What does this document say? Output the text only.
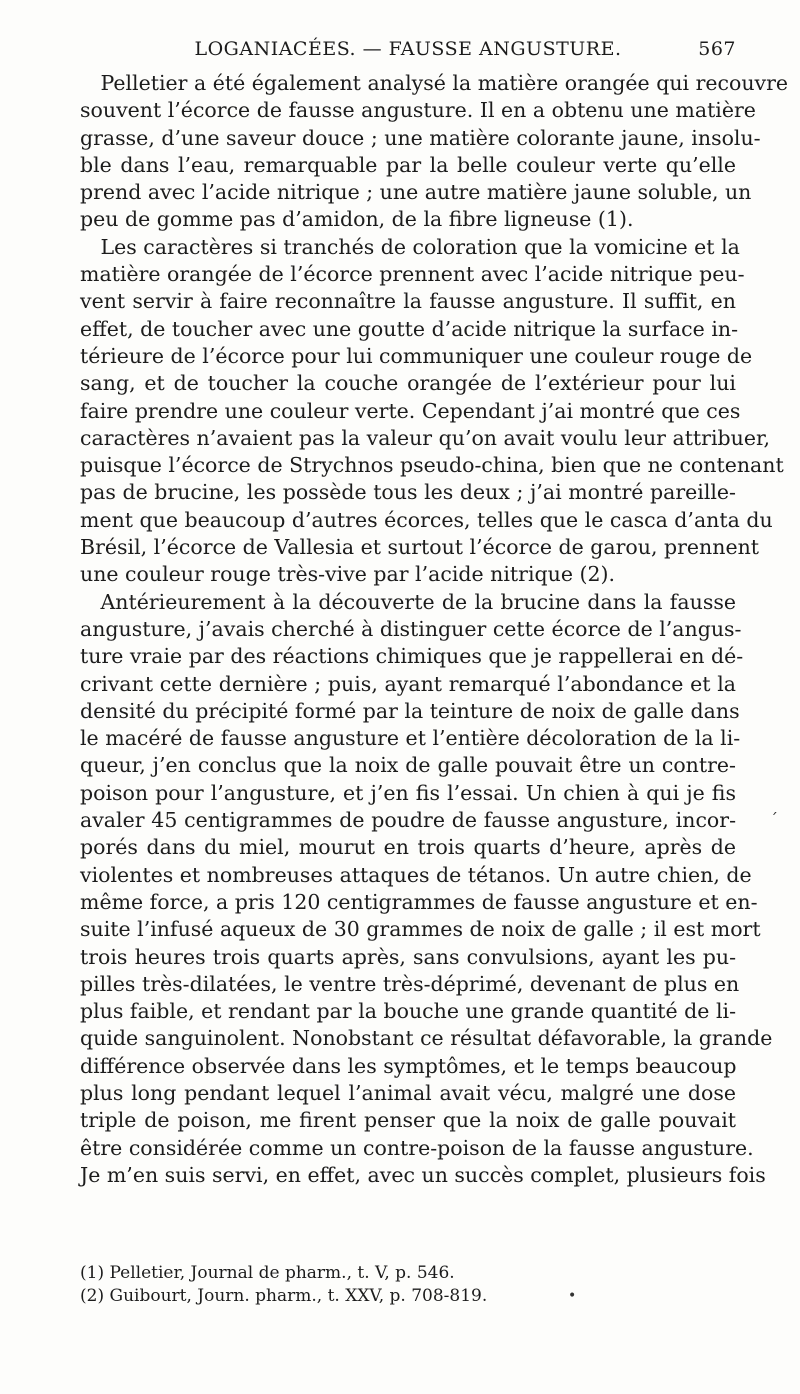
LOGANIACÉES. — FAUSSE ANGUSTURE.	567
Pelletier a été également analysé la matière orangée qui recouvre
souvent l’écorce de fausse angusture. Il en a obtenu une matière
grasse, d’une saveur douce ; une matière colorante jaune, insolu-
ble dans l’eau, remarquable par la belle couleur verte qu’elle
prend avec l’acide nitrique ; une autre matière jaune soluble, un
peu de gomme pas d’amidon, de la fibre ligneuse (1).
Les caractères si tranchés de coloration que la vomicine et la
matière orangée de l’écorce prennent avec l’acide nitrique peu-
vent servir à faire reconnaître la fausse angusture. Il suffit, en
effet, de toucher avec une goutte d’acide nitrique la surface in-
térieure de l’écorce pour lui communiquer une couleur rouge de
sang, et de toucher la couche orangée de l’extérieur pour lui
faire prendre une couleur verte. Cependant j’ai montré que ces
caractères n’avaient pas la valeur qu’on avait voulu leur attribuer,
puisque l’écorce de Strychnos pseudo-china, bien que ne contenant
pas de brucine, les possède tous les deux ; j’ai montré pareille-
ment que beaucoup d’autres écorces, telles que le casca d’anta du
Brésil, l’écorce de Vallesia et surtout l’écorce de garou, prennent
une couleur rouge très-vive par l’acide nitrique (2).
Antérieurement à la découverte de la brucine dans la fausse
angusture, j’avais cherché à distinguer cette écorce de l’angus-
ture vraie par des réactions chimiques que je rappellerai en dé-
crivant cette dernière ; puis, ayant remarqué l’abondance et la
densité du précipité formé par la teinture de noix de galle dans
le macéré de fausse angusture et l’entière décoloration de la li-
queur, j’en conclus que la noix de galle pouvait être un contre-
poison pour l’angusture, et j’en fis l’essai. Un chien à qui je fis
avaler 45 centigrammes de poudre de fausse angusture, incor-
porés dans du miel, mourut en trois quarts d’heure, après de
violentes et nombreuses attaques de tétanos. Un autre chien, de
même force, a pris 120 centigrammes de fausse angusture et en-
suite l’infusé aqueux de 30 grammes de noix de galle ; il est mort
trois heures trois quarts après, sans convulsions, ayant les pu-
pilles très-dilatées, le ventre très-déprimé, devenant de plus en
plus faible, et rendant par la bouche une grande quantité de li-
quide sanguinolent. Nonobstant ce résultat défavorable, la grande
différence observée dans les symptômes, et le temps beaucoup
plus long pendant lequel l’animal avait vécu, malgré une dose
triple de poison, me firent penser que la noix de galle pouvait
être considérée comme un contre-poison de la fausse angusture.
Je m’en suis servi, en effet, avec un succès complet, plusieurs fois
(1) Pelletier, Journal de pharm., t. V, p. 546.
(2) Guibourt, Journ. pharm., t. XXV, p. 708-819.
´
•
